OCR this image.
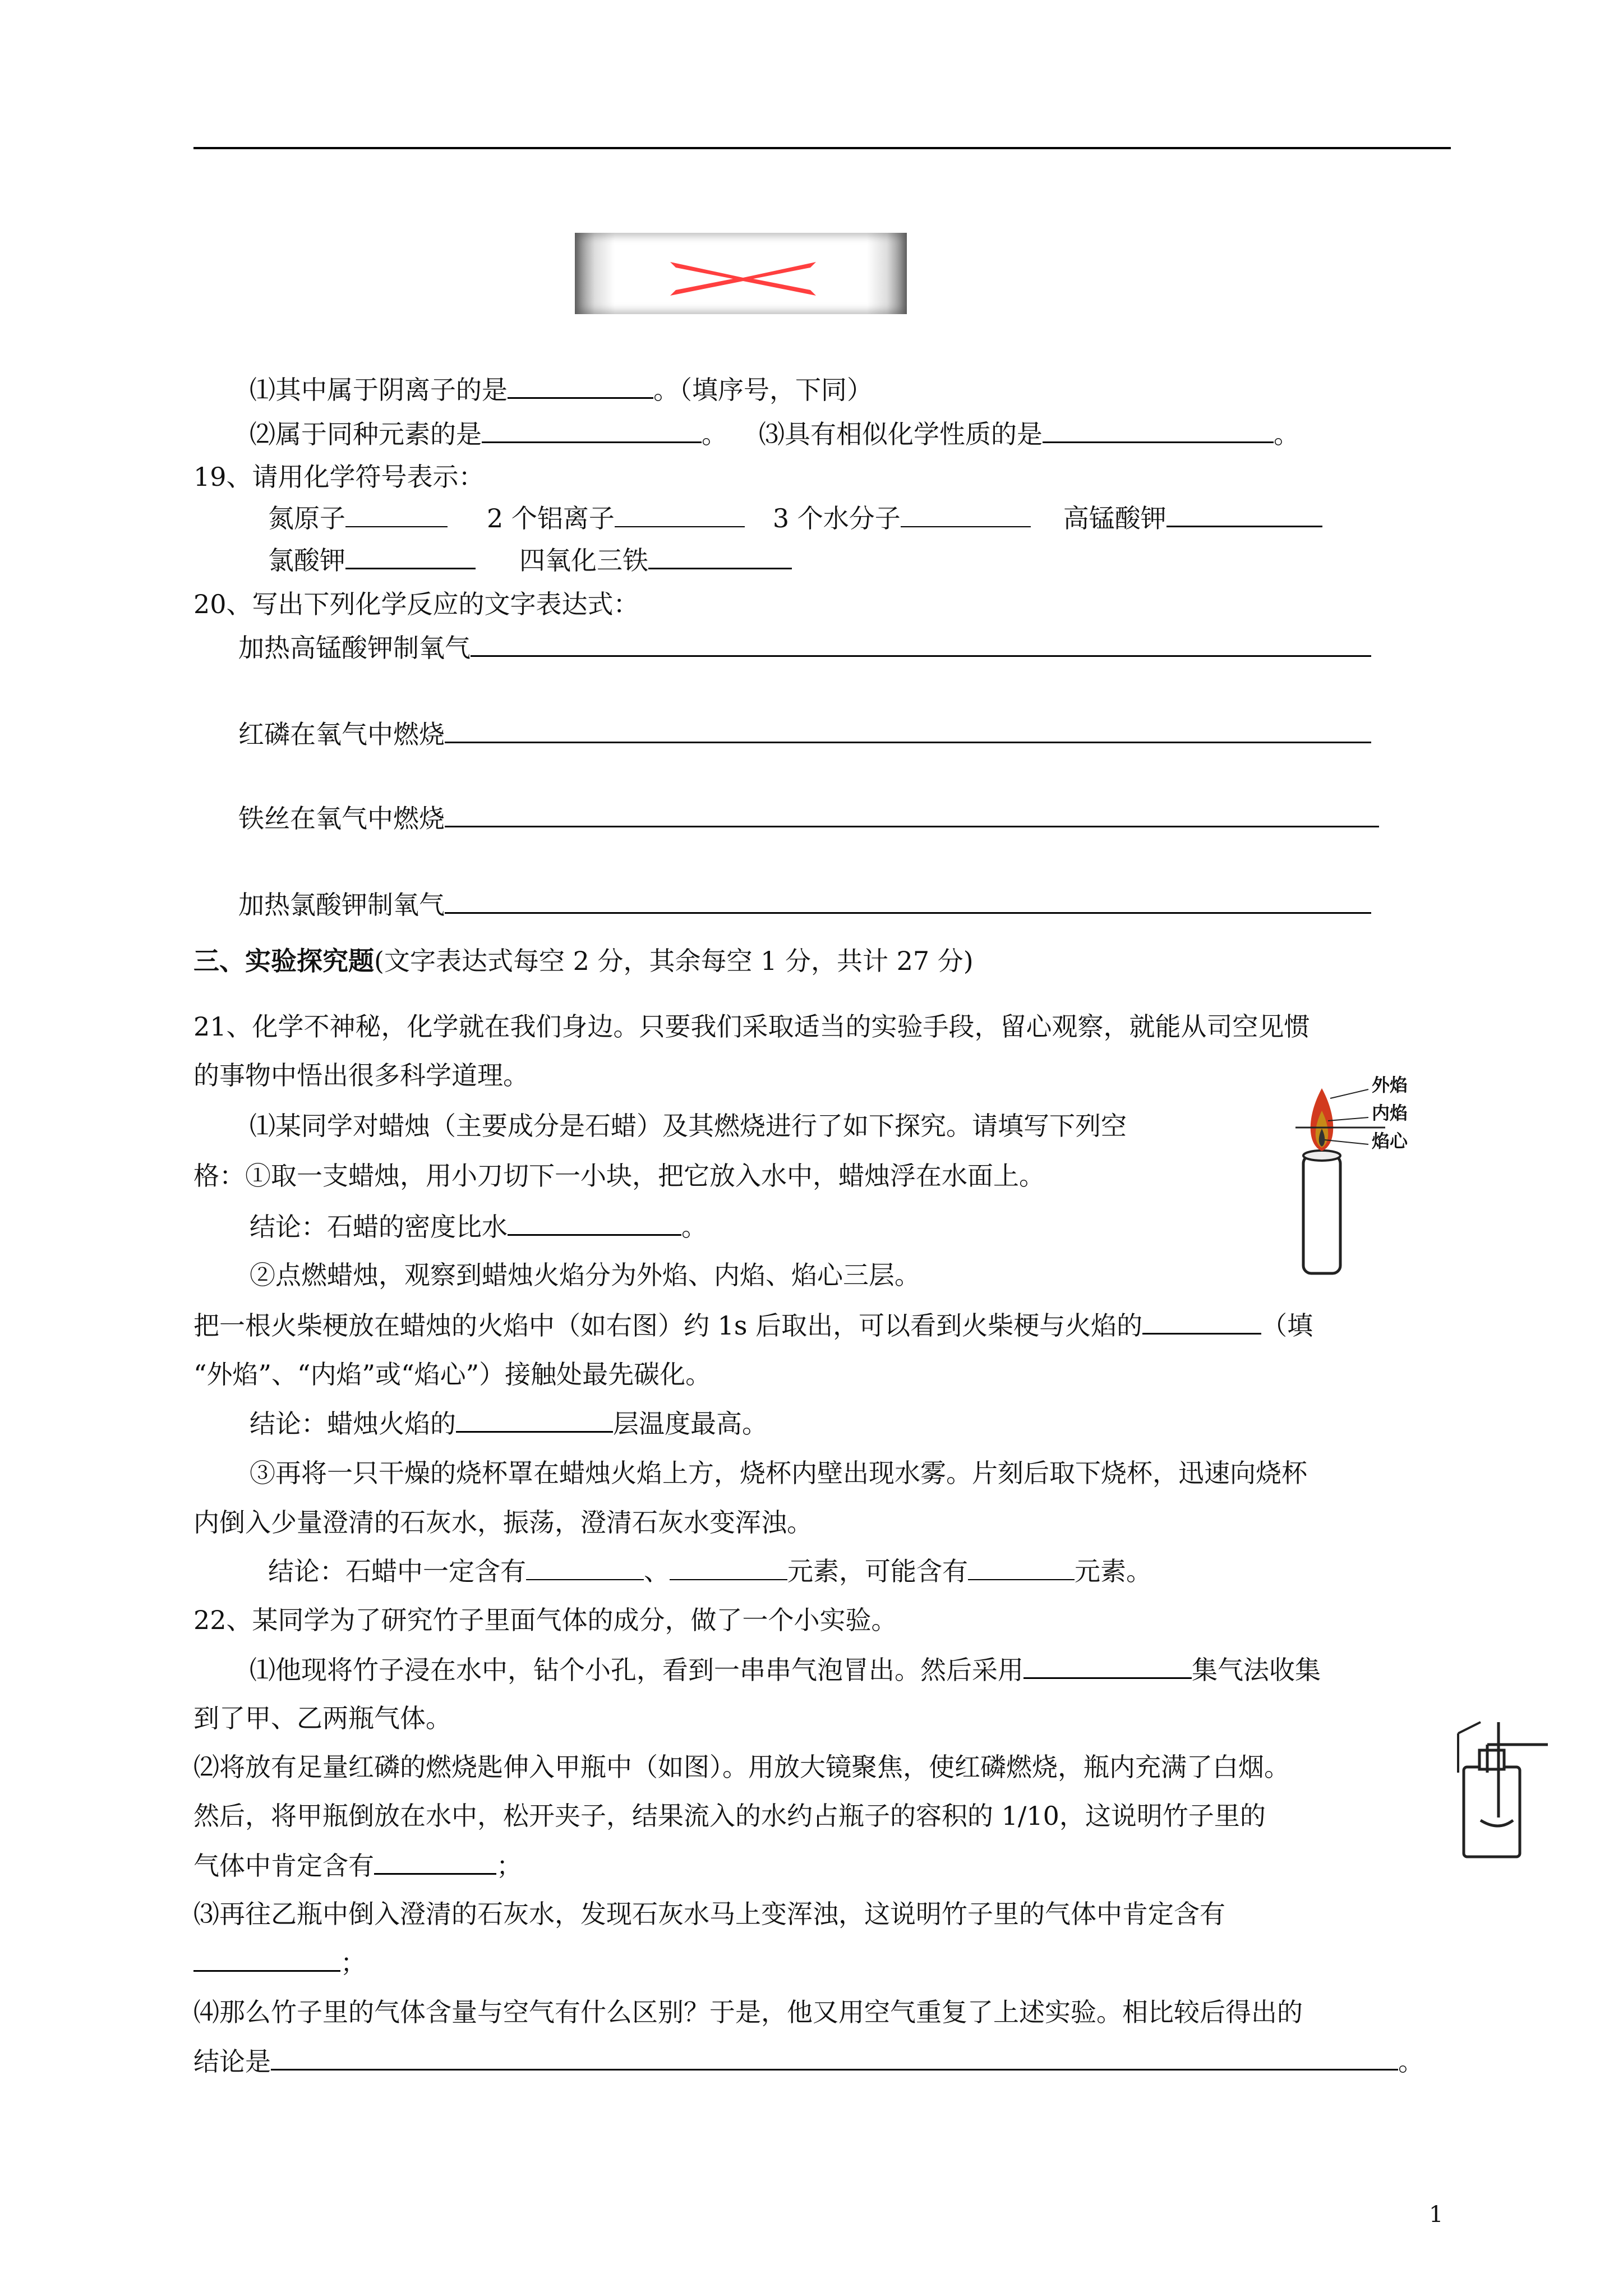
⑴其中属于阴离子的是	。（填序号，下同）
⑵属于同种元素的是	。 ⑶具有相似化学性质的是	。
19、请用化学符号表示：
氮原子	2 个铝离子	3 个水分子	高锰酸钾
氯酸钾	四氧化三铁
20、写出下列化学反应的文字表达式：
加热高锰酸钾制氧气
红磷在氧气中燃烧
铁丝在氧气中燃烧
加热氯酸钾制氧气
三、实验探究题(文字表达式每空 2 分，其余每空 1 分，共计 27 分)
21、化学不神秘，化学就在我们身边。只要我们采取适当的实验手段，留心观察，就能从司空见惯
的事物中悟出很多科学道理。
⑴某同学对蜡烛（主要成分是石蜡）及其燃烧进行了如下探究。请填写下列空
格：①取一支蜡烛，用小刀切下一小块，把它放入水中，蜡烛浮在水面上。
结论：石蜡的密度比水	。
②点燃蜡烛，观察到蜡烛火焰分为外焰、内焰、焰心三层。
把一根火柴梗放在蜡烛的火焰中（如右图）约 1s 后取出，可以看到火柴梗与火焰的	（填
“外焰”、“内焰”或“焰心”）接触处最先碳化。
结论：蜡烛火焰的	层温度最高。
③再将一只干燥的烧杯罩在蜡烛火焰上方，烧杯内壁出现水雾。片刻后取下烧杯，迅速向烧杯
内倒入少量澄清的石灰水，振荡，澄清石灰水变浑浊。
结论：石蜡中一定含有	、	元素，可能含有	元素。
外焰
内焰
焰心
22、某同学为了研究竹子里面气体的成分，做了一个小实验。
⑴他现将竹子浸在水中，钻个小孔，看到一串串气泡冒出。然后采用	集气法收集
到了甲、乙两瓶气体。
⑵将放有足量红磷的燃烧匙伸入甲瓶中（如图）。用放大镜聚焦，使红磷燃烧，瓶内充满了白烟。
然后，将甲瓶倒放在水中，松开夹子，结果流入的水约占瓶子的容积的 1/10，这说明竹子里的
气体中肯定含有	；
⑶再往乙瓶中倒入澄清的石灰水，发现石灰水马上变浑浊，这说明竹子里的气体中肯定含有
；
⑷那么竹子里的气体含量与空气有什么区别？于是，他又用空气重复了上述实验。相比较后得出的
结论是	。
1
